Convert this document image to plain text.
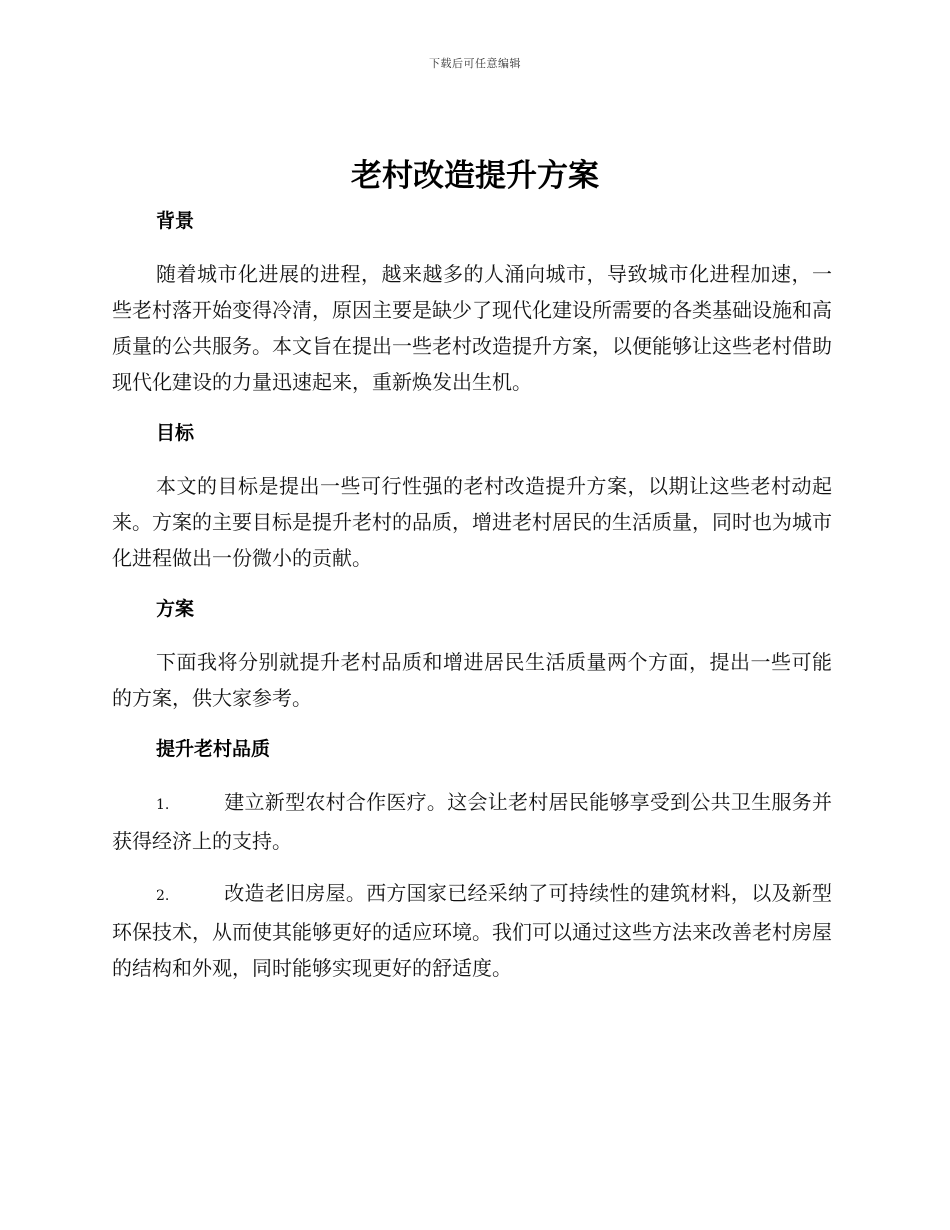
下载后可任意编辑
老村改造提升方案
背景

随着城市化进展的进程，越来越多的人涌向城市，导致城市化进程加速，一些老村落开始变得冷清，原因主要是缺少了现代化建设所需要的各类基础设施和高质量的公共服务。本文旨在提出一些老村改造提升方案，以便能够让这些老村借助现代化建设的力量迅速起来，重新焕发出生机。

目标

本文的目标是提出一些可行性强的老村改造提升方案，以期让这些老村动起来。方案的主要目标是提升老村的品质，增进老村居民的生活质量，同时也为城市化进程做出一份微小的贡献。

方案

下面我将分别就提升老村品质和增进居民生活质量两个方面，提出一些可能的方案，供大家参考。

提升老村品质

1.	建立新型农村合作医疗。这会让老村居民能够享受到公共卫生服务并获得经济上的支持。

2.	改造老旧房屋。西方国家已经采纳了可持续性的建筑材料，以及新型环保技术，从而使其能够更好的适应环境。我们可以通过这些方法来改善老村房屋的结构和外观，同时能够实现更好的舒适度。
